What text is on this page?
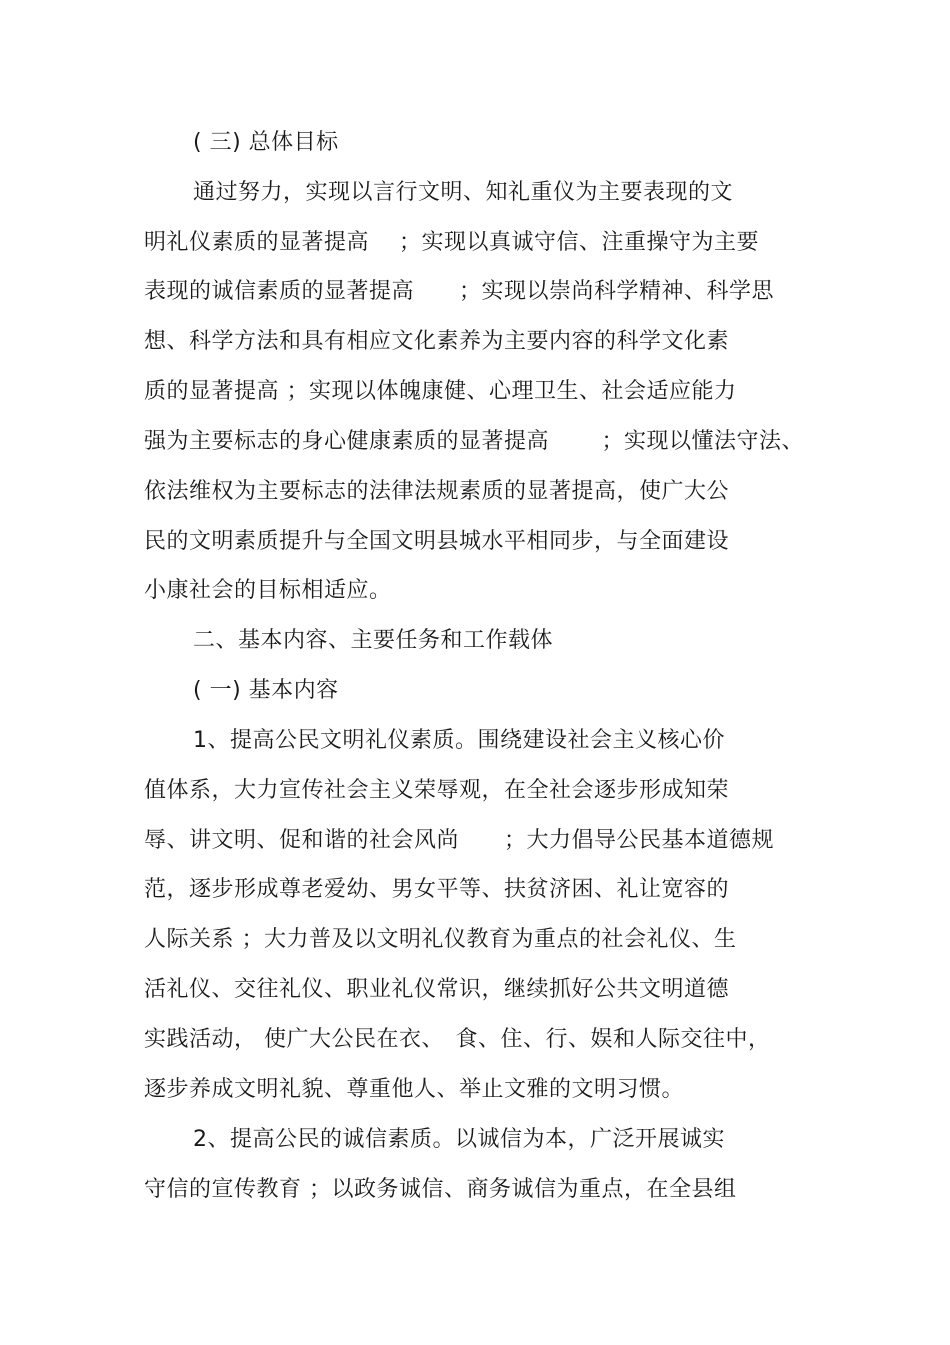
( 三) 总体目标
通过努力，实现以言行文明、知礼重仪为主要表现的文
明礼仪素质的显著提高　 ；实现以真诚守信、注重操守为主要
表现的诚信素质的显著提高　　；实现以崇尚科学精神、科学思
想、科学方法和具有相应文化素养为主要内容的科学文化素
质的显著提高 ；实现以体魄康健、心理卫生、社会适应能力
强为主要标志的身心健康素质的显著提高　　 ；实现以懂法守法、
依法维权为主要标志的法律法规素质的显著提高，使广大公
民的文明素质提升与全国文明县城水平相同步，与全面建设
小康社会的目标相适应。
二、基本内容、主要任务和工作载体
( 一) 基本内容
1、提高公民文明礼仪素质。围绕建设社会主义核心价
值体系，大力宣传社会主义荣辱观，在全社会逐步形成知荣
辱、讲文明、促和谐的社会风尚　　；大力倡导公民基本道德规
范，逐步形成尊老爱幼、男女平等、扶贫济困、礼让宽容的
人际关系 ；大力普及以文明礼仪教育为重点的社会礼仪、生
活礼仪、交往礼仪、职业礼仪常识，继续抓好公共文明道德
实践活动， 使广大公民在衣、　食、住、行、娱和人际交往中，
逐步养成文明礼貌、尊重他人、举止文雅的文明习惯。
2、提高公民的诚信素质。以诚信为本，广泛开展诚实
守信的宣传教育 ；以政务诚信、商务诚信为重点，在全县组
